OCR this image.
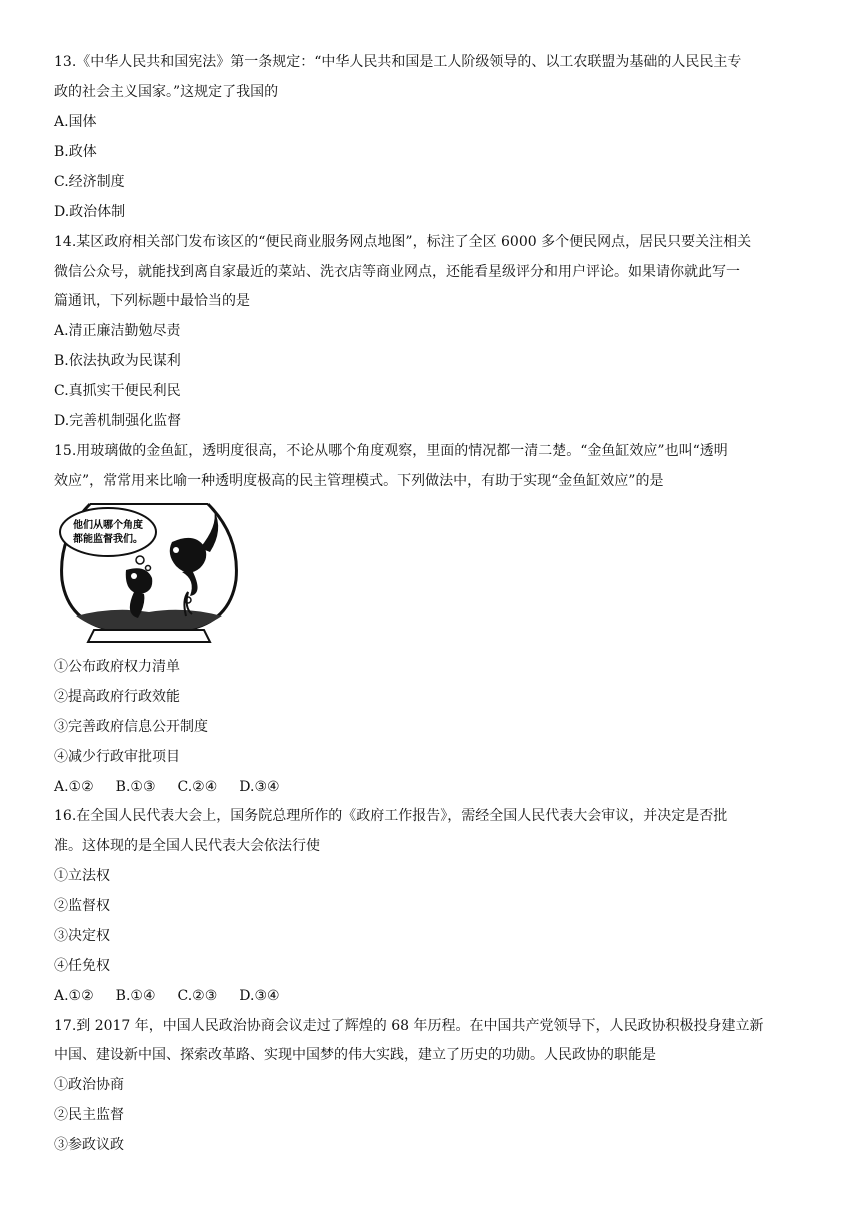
13.《中华人民共和国宪法》第一条规定：“中华人民共和国是工人阶级领导的、以工农联盟为基础的人民民主专
政的社会主义国家。”这规定了我国的
A.国体
B.政体
C.经济制度
D.政治体制
14.某区政府相关部门发布该区的“便民商业服务网点地图”，标注了全区 6000 多个便民网点，居民只要关注相关
微信公众号，就能找到离自家最近的菜站、洗衣店等商业网点，还能看星级评分和用户评论。如果请你就此写一
篇通讯，下列标题中最恰当的是
A.清正廉洁勤勉尽责
B.依法执政为民谋利
C.真抓实干便民利民
D.完善机制强化监督
15.用玻璃做的金鱼缸，透明度很高，不论从哪个角度观察，里面的情况都一清二楚。“金鱼缸效应”也叫“透明
效应”，常常用来比喻一种透明度极高的民主管理模式。下列做法中，有助于实现“金鱼缸效应”的是
他们从哪个角度
都能监督我们。
①公布政府权力清单
②提高政府行政效能
③完善政府信息公开制度
④减少行政审批项目
A.①② B.①③ C.②④ D.③④
16.在全国人民代表大会上，国务院总理所作的《政府工作报告》，需经全国人民代表大会审议，并决定是否批
准。这体现的是全国人民代表大会依法行使
①立法权
②监督权
③决定权
④任免权
A.①② B.①④ C.②③ D.③④
17.到 2017 年，中国人民政治协商会议走过了辉煌的 68 年历程。在中国共产党领导下，人民政协积极投身建立新
中国、建设新中国、探索改革路、实现中国梦的伟大实践，建立了历史的功勋。人民政协的职能是
①政治协商
②民主监督
③参政议政
